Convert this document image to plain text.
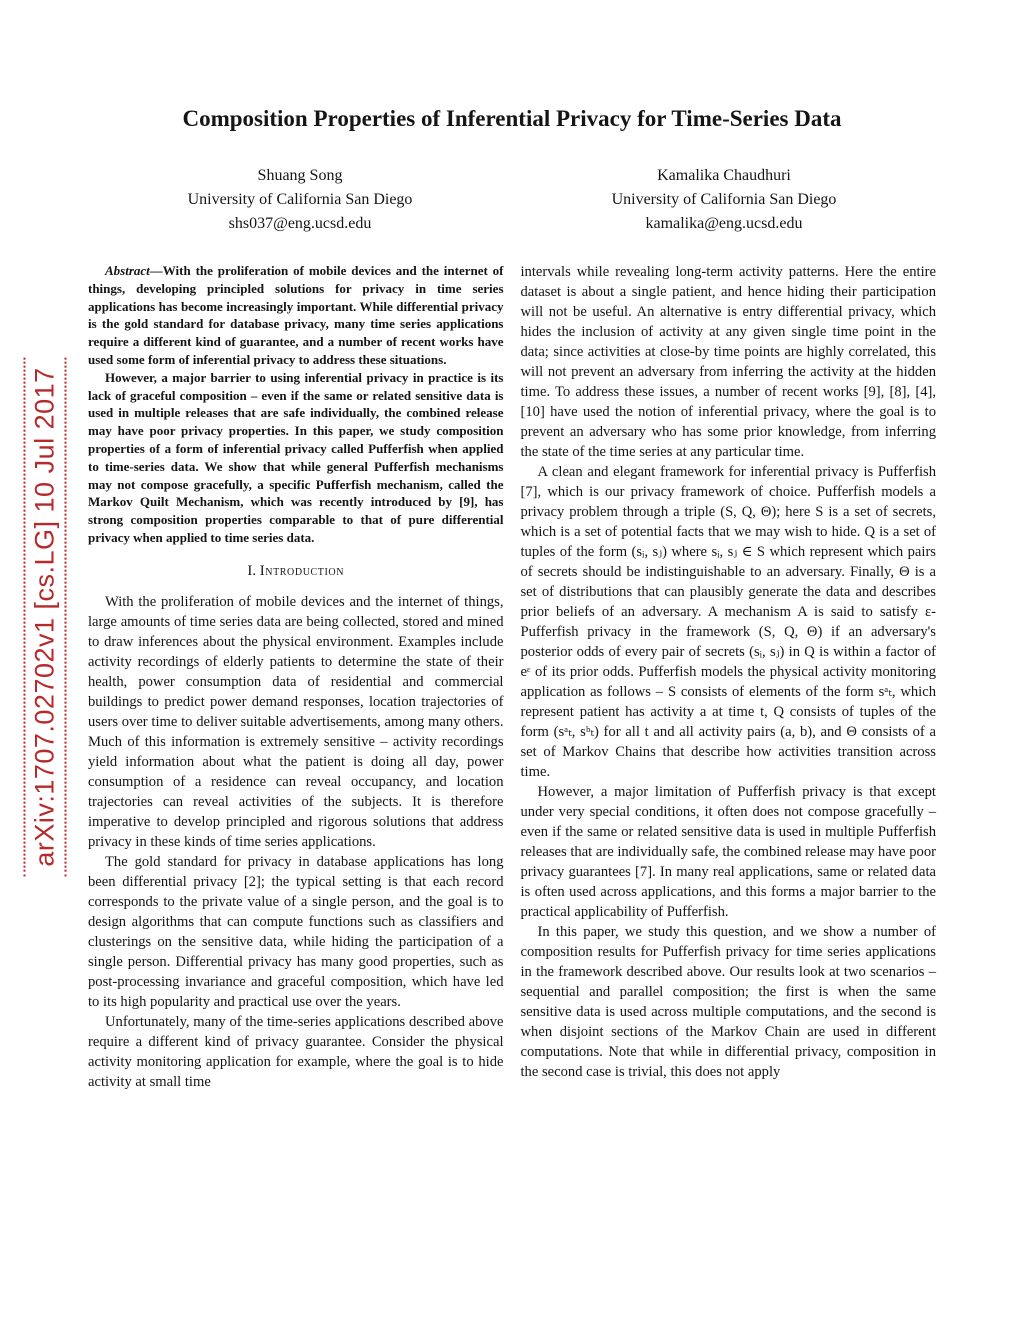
arXiv:1707.02702v1 [cs.LG] 10 Jul 2017
Composition Properties of Inferential Privacy for Time-Series Data
Shuang Song
University of California San Diego
shs037@eng.ucsd.edu
Kamalika Chaudhuri
University of California San Diego
kamalika@eng.ucsd.edu

Abstract—With the proliferation of mobile devices and the internet of things, developing principled solutions for privacy in time series applications has become increasingly important. While differential privacy is the gold standard for database privacy, many time series applications require a different kind of guarantee, and a number of recent works have used some form of inferential privacy to address these situations.

However, a major barrier to using inferential privacy in practice is its lack of graceful composition – even if the same or related sensitive data is used in multiple releases that are safe individually, the combined release may have poor privacy properties. In this paper, we study composition properties of a form of inferential privacy called Pufferfish when applied to time-series data. We show that while general Pufferfish mechanisms may not compose gracefully, a specific Pufferfish mechanism, called the Markov Quilt Mechanism, which was recently introduced by [9], has strong composition properties comparable to that of pure differential privacy when applied to time series data.

I. Introduction

With the proliferation of mobile devices and the internet of things, large amounts of time series data are being collected, stored and mined to draw inferences about the physical environment. Examples include activity recordings of elderly patients to determine the state of their health, power consumption data of residential and commercial buildings to predict power demand responses, location trajectories of users over time to deliver suitable advertisements, among many others. Much of this information is extremely sensitive – activity recordings yield information about what the patient is doing all day, power consumption of a residence can reveal occupancy, and location trajectories can reveal activities of the subjects. It is therefore imperative to develop principled and rigorous solutions that address privacy in these kinds of time series applications.

The gold standard for privacy in database applications has long been differential privacy [2]; the typical setting is that each record corresponds to the private value of a single person, and the goal is to design algorithms that can compute functions such as classifiers and clusterings on the sensitive data, while hiding the participation of a single person. Differential privacy has many good properties, such as post-processing invariance and graceful composition, which have led to its high popularity and practical use over the years.

Unfortunately, many of the time-series applications described above require a different kind of privacy guarantee. Consider the physical activity monitoring application for example, where the goal is to hide activity at small time

intervals while revealing long-term activity patterns. Here the entire dataset is about a single patient, and hence hiding their participation will not be useful. An alternative is entry differential privacy, which hides the inclusion of activity at any given single time point in the data; since activities at close-by time points are highly correlated, this will not prevent an adversary from inferring the activity at the hidden time. To address these issues, a number of recent works [9], [8], [4], [10] have used the notion of inferential privacy, where the goal is to prevent an adversary who has some prior knowledge, from inferring the state of the time series at any particular time.

A clean and elegant framework for inferential privacy is Pufferfish [7], which is our privacy framework of choice. Pufferfish models a privacy problem through a triple (S, Q, Θ); here S is a set of secrets, which is a set of potential facts that we may wish to hide. Q is a set of tuples of the form (sᵢ, sⱼ) where sᵢ, sⱼ ∈ S which represent which pairs of secrets should be indistinguishable to an adversary. Finally, Θ is a set of distributions that can plausibly generate the data and describes prior beliefs of an adversary. A mechanism A is said to satisfy ε-Pufferfish privacy in the framework (S, Q, Θ) if an adversary's posterior odds of every pair of secrets (sᵢ, sⱼ) in Q is within a factor of eᵋ of its prior odds. Pufferfish models the physical activity monitoring application as follows – S consists of elements of the form sᵃₜ, which represent patient has activity a at time t, Q consists of tuples of the form (sᵃₜ, sᵇₜ) for all t and all activity pairs (a, b), and Θ consists of a set of Markov Chains that describe how activities transition across time.

However, a major limitation of Pufferfish privacy is that except under very special conditions, it often does not compose gracefully – even if the same or related sensitive data is used in multiple Pufferfish releases that are individually safe, the combined release may have poor privacy guarantees [7]. In many real applications, same or related data is often used across applications, and this forms a major barrier to the practical applicability of Pufferfish.

In this paper, we study this question, and we show a number of composition results for Pufferfish privacy for time series applications in the framework described above. Our results look at two scenarios – sequential and parallel composition; the first is when the same sensitive data is used across multiple computations, and the second is when disjoint sections of the Markov Chain are used in different computations. Note that while in differential privacy, composition in the second case is trivial, this does not apply
